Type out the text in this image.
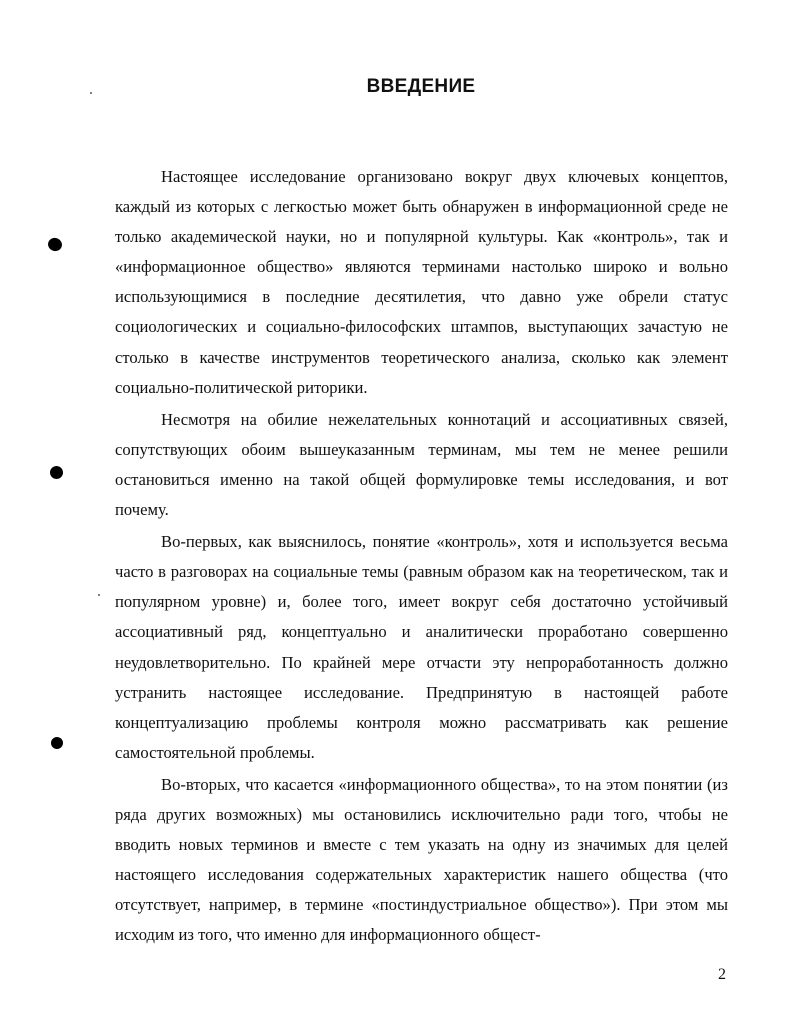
ВВЕДЕНИЕ

Настоящее исследование организовано вокруг двух ключевых концептов, каждый из которых с легкостью может быть обнаружен в информационной среде не только академической науки, но и популярной культуры. Как «контроль», так и «информационное общество» являются терминами настолько широко и вольно использующимися в последние десятилетия, что давно уже обрели статус социологических и социально-философских штампов, выступающих зачастую не столько в качестве инструментов теоретического анализа, сколько как элемент социально-политической риторики.

Несмотря на обилие нежелательных коннотаций и ассоциативных связей, сопутствующих обоим вышеуказанным терминам, мы тем не менее решили остановиться именно на такой общей формулировке темы исследования, и вот почему.

Во-первых, как выяснилось, понятие «контроль», хотя и используется весьма часто в разговорах на социальные темы (равным образом как на теоретическом, так и популярном уровне) и, более того, имеет вокруг себя достаточно устойчивый ассоциативный ряд, концептуально и аналитически проработано совершенно неудовлетворительно. По крайней мере отчасти эту непроработанность должно устранить настоящее исследование. Предпринятую в настоящей работе концептуализацию проблемы контроля можно рассматривать как решение самостоятельной проблемы.

Во-вторых, что касается «информационного общества», то на этом понятии (из ряда других возможных) мы остановились исключительно ради того, чтобы не вводить новых терминов и вместе с тем указать на одну из значимых для целей настоящего исследования содержательных характеристик нашего общества (что отсутствует, например, в термине «постиндустриальное общество»). При этом мы исходим из того, что именно для информационного общест-

2
